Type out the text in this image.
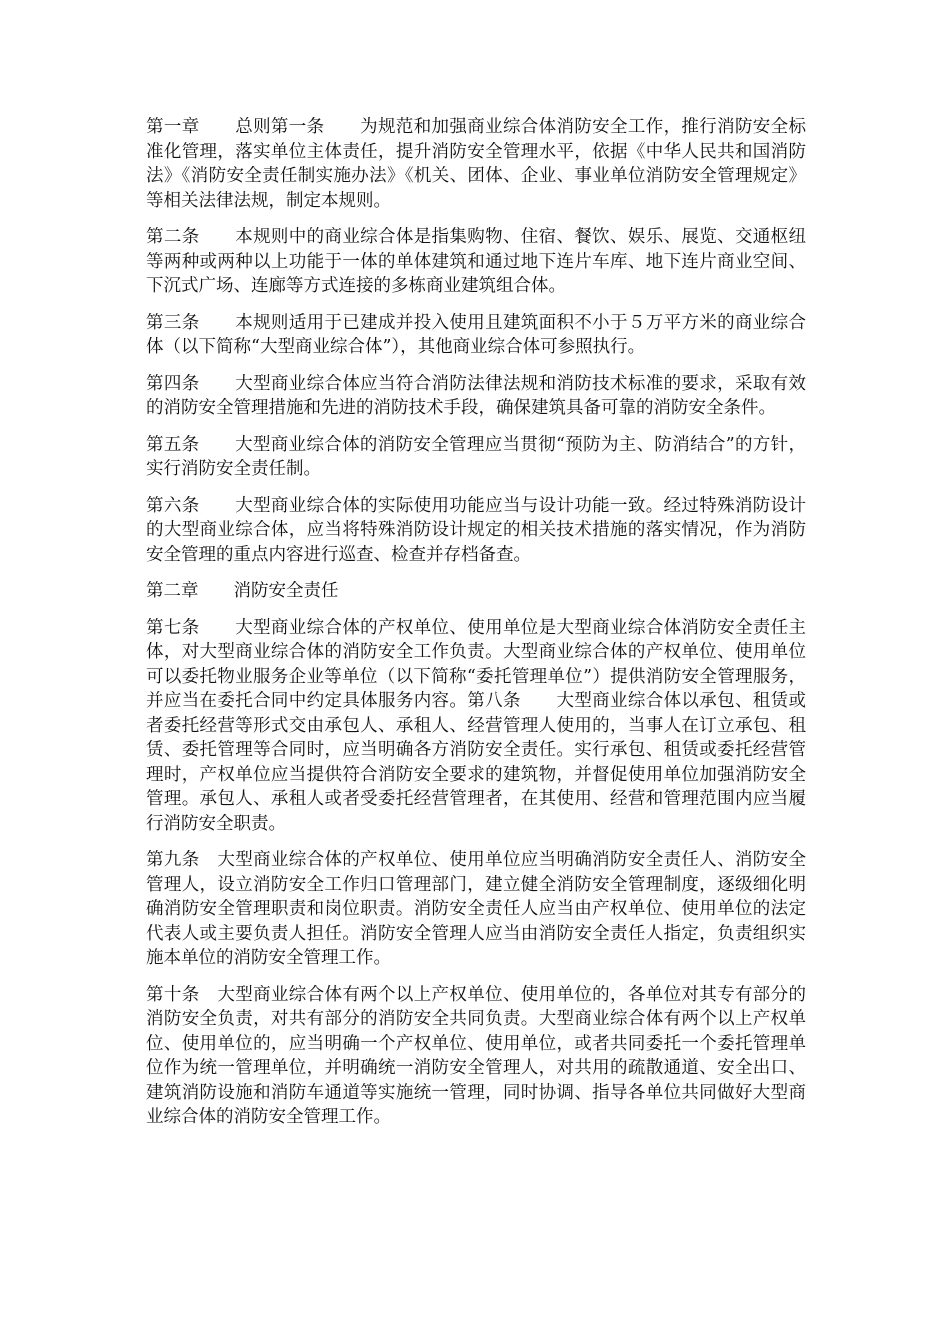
第一章　　总则第一条　　为规范和加强商业综合体消防安全工作，推行消防安全标准化管理，落实单位主体责任，提升消防安全管理水平，依据《中华人民共和国消防法》《消防安全责任制实施办法》《机关、团体、企业、事业单位消防安全管理规定》等相关法律法规，制定本规则。

第二条　　本规则中的商业综合体是指集购物、住宿、餐饮、娱乐、展览、交通枢纽等两种或两种以上功能于一体的单体建筑和通过地下连片车库、地下连片商业空间、下沉式广场、连廊等方式连接的多栋商业建筑组合体。

第三条　　本规则适用于已建成并投入使用且建筑面积不小于５万平方米的商业综合体（以下简称“大型商业综合体”），其他商业综合体可参照执行。

第四条　　大型商业综合体应当符合消防法律法规和消防技术标准的要求，采取有效的消防安全管理措施和先进的消防技术手段，确保建筑具备可靠的消防安全条件。

第五条　　大型商业综合体的消防安全管理应当贯彻“预防为主、防消结合”的方针，实行消防安全责任制。

第六条　　大型商业综合体的实际使用功能应当与设计功能一致。经过特殊消防设计的大型商业综合体，应当将特殊消防设计规定的相关技术措施的落实情况，作为消防安全管理的重点内容进行巡查、检查并存档备查。

第二章　　消防安全责任

第七条　　大型商业综合体的产权单位、使用单位是大型商业综合体消防安全责任主体，对大型商业综合体的消防安全工作负责。大型商业综合体的产权单位、使用单位可以委托物业服务企业等单位（以下简称“委托管理单位”）提供消防安全管理服务，并应当在委托合同中约定具体服务内容。第八条　　大型商业综合体以承包、租赁或者委托经营等形式交由承包人、承租人、经营管理人使用的，当事人在订立承包、租赁、委托管理等合同时，应当明确各方消防安全责任。实行承包、租赁或委托经营管理时，产权单位应当提供符合消防安全要求的建筑物，并督促使用单位加强消防安全管理。承包人、承租人或者受委托经营管理者，在其使用、经营和管理范围内应当履行消防安全职责。

第九条　大型商业综合体的产权单位、使用单位应当明确消防安全责任人、消防安全管理人，设立消防安全工作归口管理部门，建立健全消防安全管理制度，逐级细化明确消防安全管理职责和岗位职责。消防安全责任人应当由产权单位、使用单位的法定代表人或主要负责人担任。消防安全管理人应当由消防安全责任人指定，负责组织实施本单位的消防安全管理工作。

第十条　大型商业综合体有两个以上产权单位、使用单位的，各单位对其专有部分的消防安全负责，对共有部分的消防安全共同负责。大型商业综合体有两个以上产权单位、使用单位的，应当明确一个产权单位、使用单位，或者共同委托一个委托管理单位作为统一管理单位，并明确统一消防安全管理人，对共用的疏散通道、安全出口、建筑消防设施和消防车通道等实施统一管理，同时协调、指导各单位共同做好大型商业综合体的消防安全管理工作。
